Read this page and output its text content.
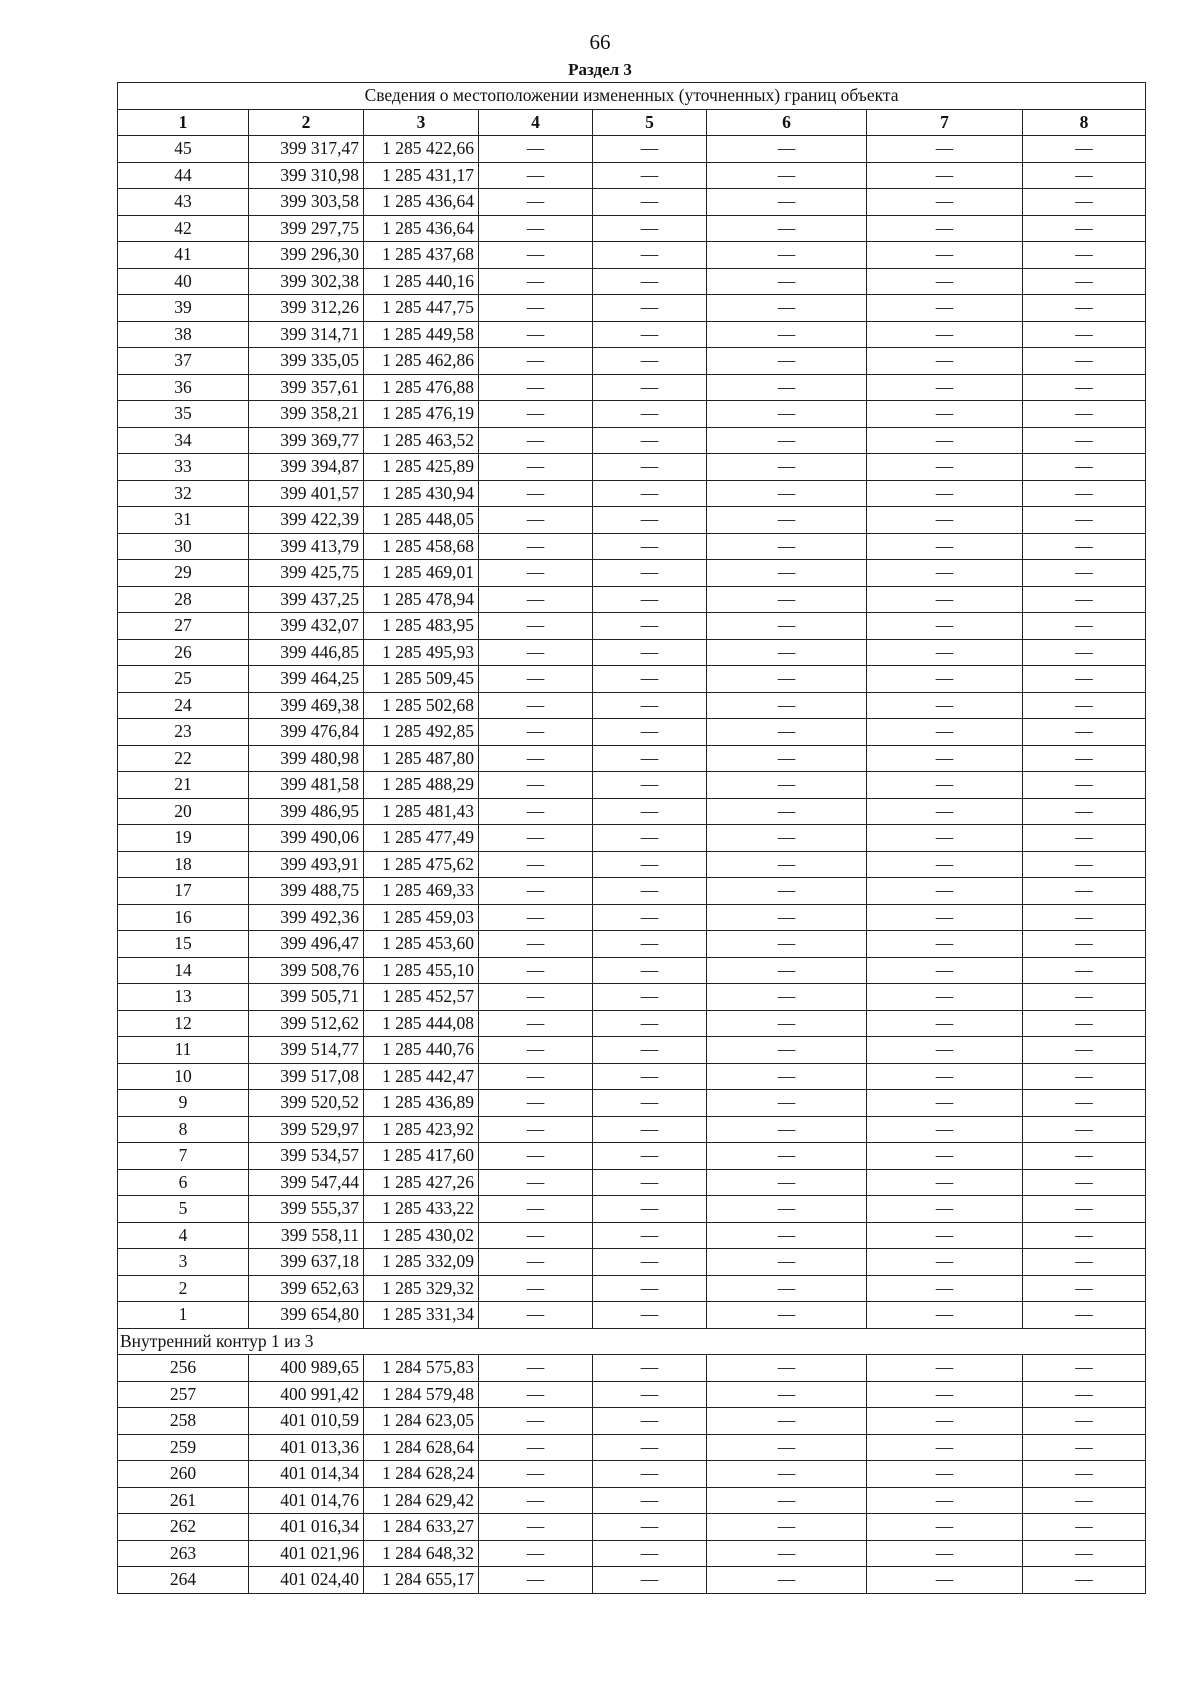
66
Раздел 3
Сведения о местоположении измененных (уточненных) границ объекта							
1	2	3	4	5	6	7	8
45	399 317,47	1 285 422,66	—	—	—	—	—
44	399 310,98	1 285 431,17	—	—	—	—	—
43	399 303,58	1 285 436,64	—	—	—	—	—
42	399 297,75	1 285 436,64	—	—	—	—	—
41	399 296,30	1 285 437,68	—	—	—	—	—
40	399 302,38	1 285 440,16	—	—	—	—	—
39	399 312,26	1 285 447,75	—	—	—	—	—
38	399 314,71	1 285 449,58	—	—	—	—	—
37	399 335,05	1 285 462,86	—	—	—	—	—
36	399 357,61	1 285 476,88	—	—	—	—	—
35	399 358,21	1 285 476,19	—	—	—	—	—
34	399 369,77	1 285 463,52	—	—	—	—	—
33	399 394,87	1 285 425,89	—	—	—	—	—
32	399 401,57	1 285 430,94	—	—	—	—	—
31	399 422,39	1 285 448,05	—	—	—	—	—
30	399 413,79	1 285 458,68	—	—	—	—	—
29	399 425,75	1 285 469,01	—	—	—	—	—
28	399 437,25	1 285 478,94	—	—	—	—	—
27	399 432,07	1 285 483,95	—	—	—	—	—
26	399 446,85	1 285 495,93	—	—	—	—	—
25	399 464,25	1 285 509,45	—	—	—	—	—
24	399 469,38	1 285 502,68	—	—	—	—	—
23	399 476,84	1 285 492,85	—	—	—	—	—
22	399 480,98	1 285 487,80	—	—	—	—	—
21	399 481,58	1 285 488,29	—	—	—	—	—
20	399 486,95	1 285 481,43	—	—	—	—	—
19	399 490,06	1 285 477,49	—	—	—	—	—
18	399 493,91	1 285 475,62	—	—	—	—	—
17	399 488,75	1 285 469,33	—	—	—	—	—
16	399 492,36	1 285 459,03	—	—	—	—	—
15	399 496,47	1 285 453,60	—	—	—	—	—
14	399 508,76	1 285 455,10	—	—	—	—	—
13	399 505,71	1 285 452,57	—	—	—	—	—
12	399 512,62	1 285 444,08	—	—	—	—	—
11	399 514,77	1 285 440,76	—	—	—	—	—
10	399 517,08	1 285 442,47	—	—	—	—	—
9	399 520,52	1 285 436,89	—	—	—	—	—
8	399 529,97	1 285 423,92	—	—	—	—	—
7	399 534,57	1 285 417,60	—	—	—	—	—
6	399 547,44	1 285 427,26	—	—	—	—	—
5	399 555,37	1 285 433,22	—	—	—	—	—
4	399 558,11	1 285 430,02	—	—	—	—	—
3	399 637,18	1 285 332,09	—	—	—	—	—
2	399 652,63	1 285 329,32	—	—	—	—	—
1	399 654,80	1 285 331,34	—	—	—	—	—
Внутренний контур 1 из 3							
256	400 989,65	1 284 575,83	—	—	—	—	—
257	400 991,42	1 284 579,48	—	—	—	—	—
258	401 010,59	1 284 623,05	—	—	—	—	—
259	401 013,36	1 284 628,64	—	—	—	—	—
260	401 014,34	1 284 628,24	—	—	—	—	—
261	401 014,76	1 284 629,42	—	—	—	—	—
262	401 016,34	1 284 633,27	—	—	—	—	—
263	401 021,96	1 284 648,32	—	—	—	—	—
264	401 024,40	1 284 655,17	—	—	—	—	—
